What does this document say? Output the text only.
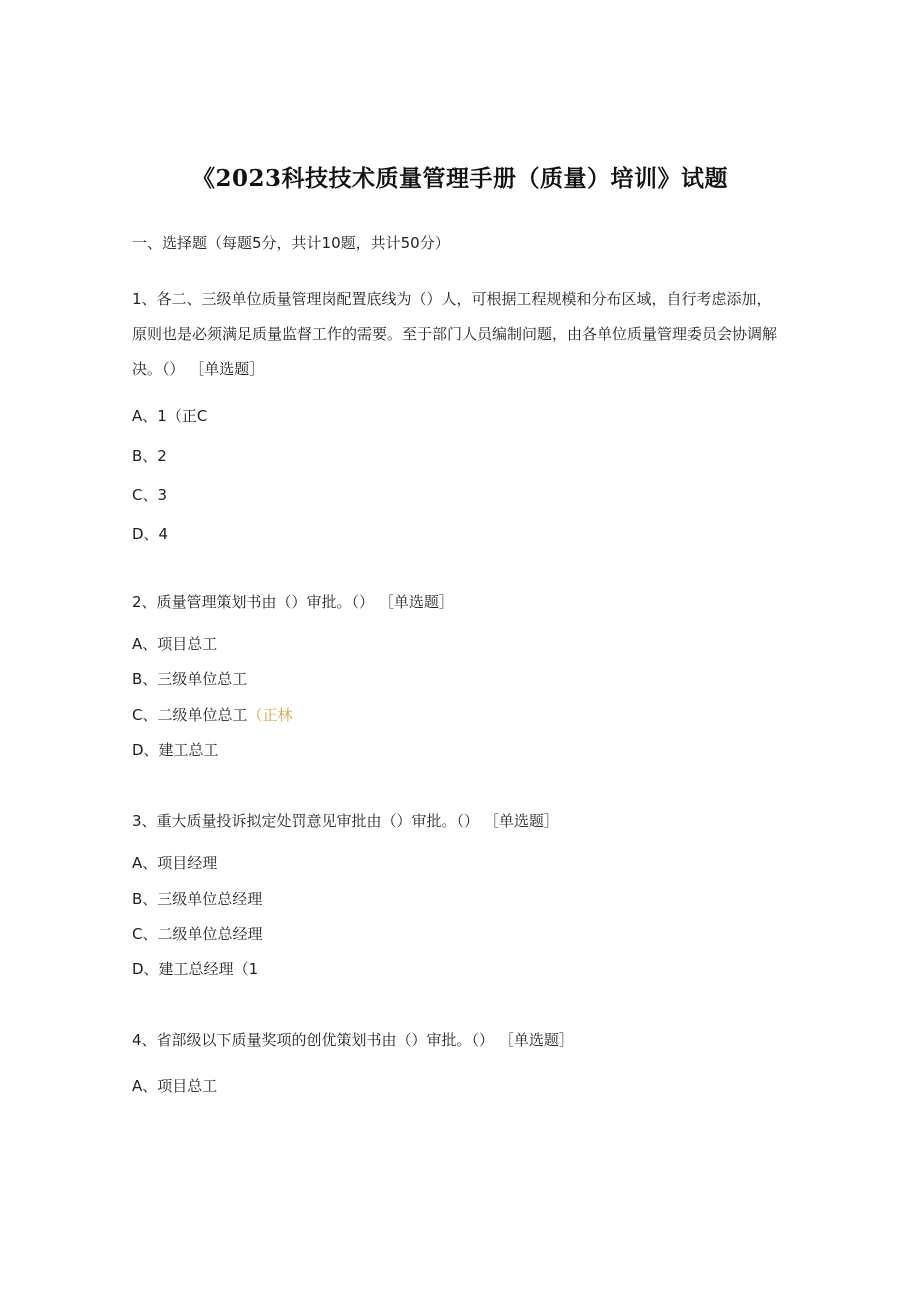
《2023科技技术质量管理手册（质量）培训》试题
一、选择题（每题5分，共计10题，共计50分）
1、各二、三级单位质量管理岗配置底线为（）人，可根据工程规模和分布区域，自行考虑添加，原则也是必须满足质量监督工作的需要。至于部门人员编制问题，由各单位质量管理委员会协调解决。（） ［单选题］
A、1（正C
B、2
C、3
D、4
2、质量管理策划书由（）审批。（） ［单选题］
A、项目总工
B、三级单位总工
C、二级单位总工（正林
D、建工总工
3、重大质量投诉拟定处罚意见审批由（）审批。（） ［单选题］
A、项目经理
B、三级单位总经理
C、二级单位总经理
D、建工总经理（1
4、省部级以下质量奖项的创优策划书由（）审批。（） ［单选题］
A、项目总工
